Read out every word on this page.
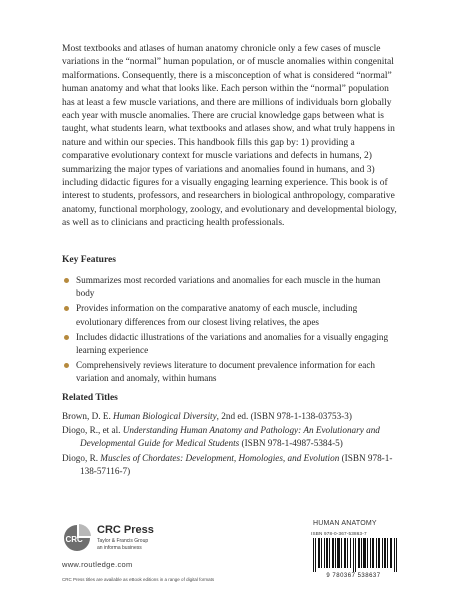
Most textbooks and atlases of human anatomy chronicle only a few cases of muscle variations in the “normal” human population, or of muscle anomalies within congenital malformations. Consequently, there is a misconception of what is considered “normal” human anatomy and what that looks like. Each person within the “normal” population has at least a few muscle variations, and there are millions of individuals born globally each year with muscle anomalies. There are crucial knowledge gaps between what is taught, what students learn, what textbooks and atlases show, and what truly happens in nature and within our species. This handbook fills this gap by: 1) providing a comparative evolutionary context for muscle variations and defects in humans, 2) summarizing the major types of variations and anomalies found in humans, and 3) including didactic figures for a visually engaging learning experience. This book is of interest to students, professors, and researchers in biological anthropology, comparative anatomy, functional morphology, zoology, and evolutionary and developmental biology, as well as to clinicians and practicing health professionals.

Key Features
Summarizes most recorded variations and anomalies for each muscle in the human body
Provides information on the comparative anatomy of each muscle, including evolutionary differences from our closest living relatives, the apes
Includes didactic illustrations of the variations and anomalies for a visually engaging learning experience
Comprehensively reviews literature to document prevalence information for each variation and anomaly, within humans
Related Titles
Brown, D. E. Human Biological Diversity, 2nd ed. (ISBN 978-1-138-03753-3)
Diogo, R., et al. Understanding Human Anatomy and Pathology: An Evolutionary and Developmental Guide for Medical Students (ISBN 978-1-4987-5384-5)
Diogo, R. Muscles of Chordates: Development, Homologies, and Evolution (ISBN 978-1-138-57116-7)
CRC
CRC Press
Taylor & Francis Group
an informa business
www.routledge.com
CRC Press titles are available as eBook editions in a range of digital formats
HUMAN ANATOMY
ISBN 978-0-367-53863-7
9 780367 538637
